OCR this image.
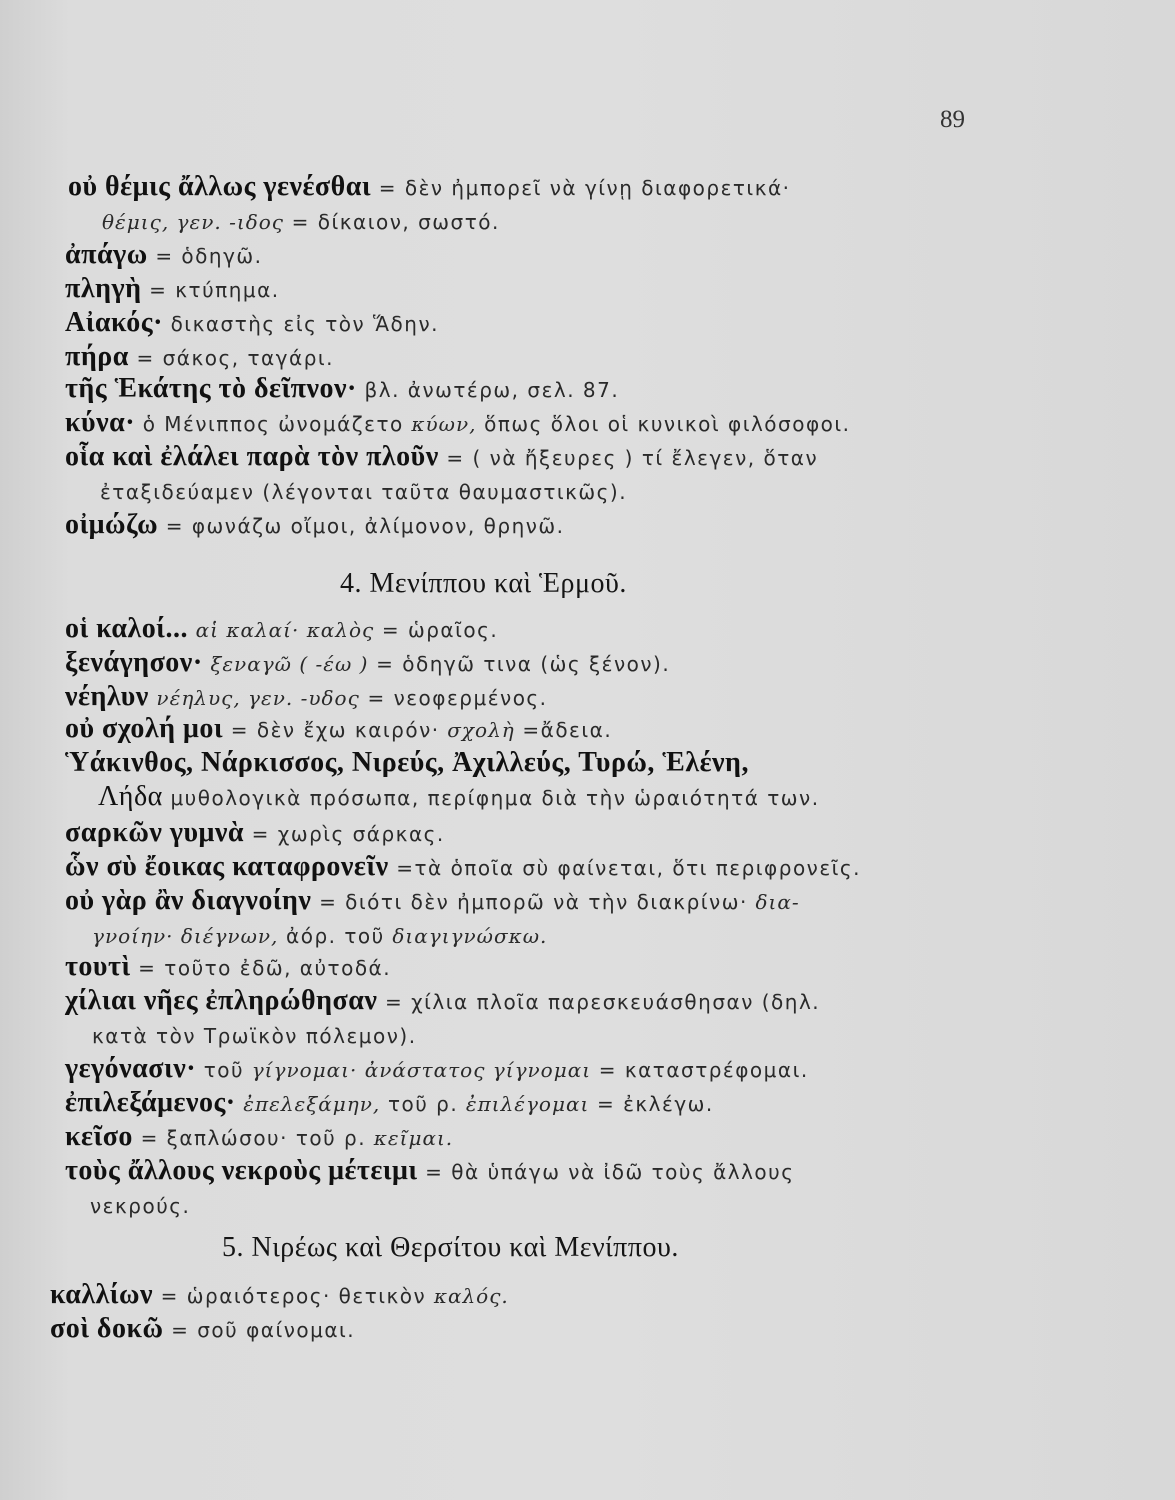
89
οὐ θέμις ἄλλως γενέσθαι = δὲν ἠμπορεῖ νὰ γίνῃ διαφορετικά·
θέμις, γεν. -ιδος = δίκαιον, σωστό.
ἀπάγω = ὁδηγῶ.
πληγὴ = κτύπημα.
Αἰακός· δικαστὴς εἰς τὸν Ἅδην.
πήρα = σάκος, ταγάρι.
τῆς Ἑκάτης τὸ δεῖπνον· βλ. ἀνωτέρω, σελ. 87.
κύνα· ὁ Μένιππος ὠνομάζετο κύων, ὅπως ὅλοι οἱ κυνικοὶ φιλόσοφοι.
οἷα καὶ ἐλάλει παρὰ τὸν πλοῦν = ( νὰ ἤξευρες ) τί ἔλεγεν, ὅταν
ἐταξιδεύαμεν (λέγονται ταῦτα θαυμαστικῶς).
οἰμώζω = φωνάζω οἴμοι, ἀλίμονον, θρηνῶ.
4. Μενίππου καὶ Ἑρμοῦ.
οἱ καλοί... αἱ καλαί· καλὸς = ὡραῖος.
ξενάγησον· ξεναγῶ ( -έω ) = ὁδηγῶ τινα (ὡς ξένον).
νέηλυν νέηλυς, γεν. -υδος = νεοφερμένος.
οὐ σχολή μοι = δὲν ἔχω καιρόν· σχολὴ =ἄδεια.
Ὑάκινθος, Νάρκισσος, Νιρεύς, Ἀχιλλεύς, Τυρώ, Ἑλένη,
Λήδα μυθολογικὰ πρόσωπα, περίφημα διὰ τὴν ὡραιότητά των.
σαρκῶν γυμνὰ = χωρὶς σάρκας.
ὧν σὺ ἔοικας καταφρονεῖν =τὰ ὁποῖα σὺ φαίνεται, ὅτι περιφρονεῖς.
οὐ γὰρ ἂν διαγνοίην = διότι δὲν ἠμπορῶ νὰ τὴν διακρίνω· δια-
γνοίην· διέγνων, ἀόρ. τοῦ διαγιγνώσκω.
τουτὶ = τοῦτο ἐδῶ, αὐτοδά.
χίλιαι νῆες ἐπληρώθησαν = χίλια πλοῖα παρεσκευάσθησαν (δηλ.
κατὰ τὸν Τρωϊκὸν πόλεμον).
γεγόνασιν· τοῦ γίγνομαι· ἀνάστατος γίγνομαι = καταστρέφομαι.
ἐπιλεξάμενος· ἐπελεξάμην, τοῦ ρ. ἐπιλέγομαι = ἐκλέγω.
κεῖσο = ξαπλώσου· τοῦ ρ. κεῖμαι.
τοὺς ἄλλους νεκροὺς μέτειμι = θὰ ὑπάγω νὰ ἰδῶ τοὺς ἄλλους
νεκρούς.
5. Νιρέως καὶ Θερσίτου καὶ Μενίππου.
καλλίων = ὡραιότερος· θετικὸν καλός.
σοὶ δοκῶ = σοῦ φαίνομαι.
